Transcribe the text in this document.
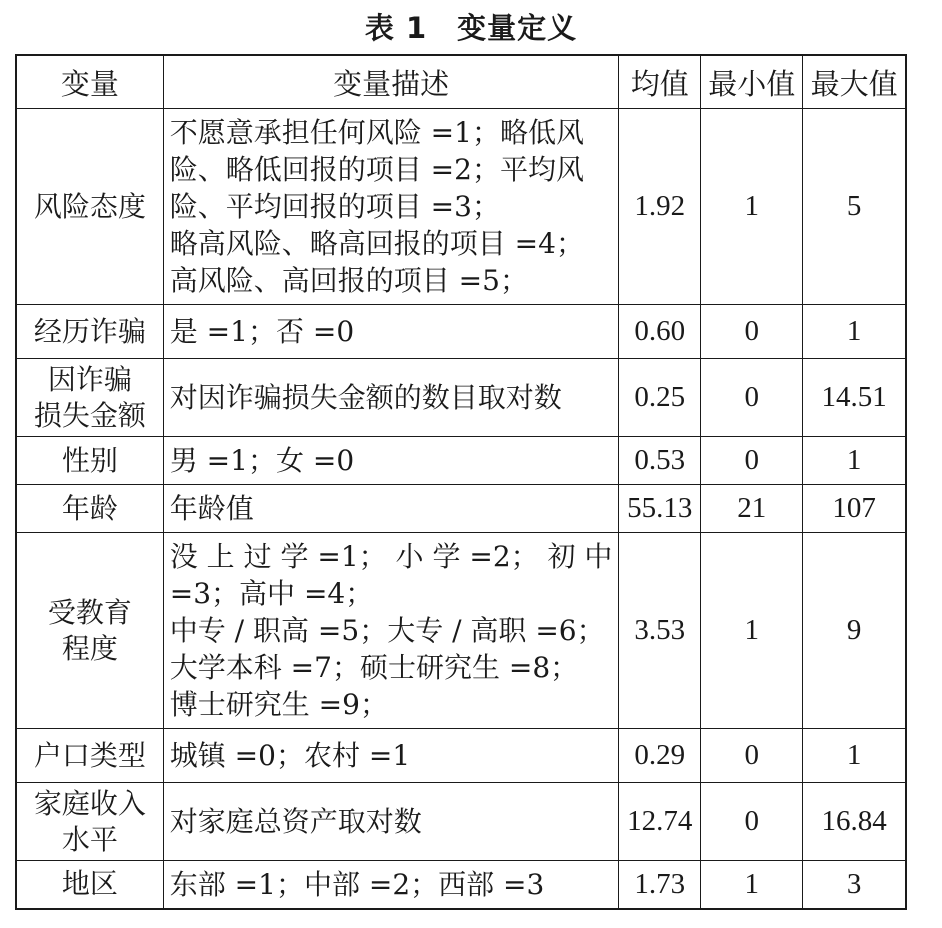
表 1 变量定义
变量	变量描述	均值	最小值	最大值

风险态度	不愿意承担任何风险 =1；略低风
险、略低回报的项目 =2；平均风
险、平均回报的项目 =3；
略高风险、略高回报的项目 =4；
高风险、高回报的项目 =5；	1.92	1	5

经历诈骗	是 =1；否 =0	0.60	0	1

因诈骗
损失金额	对因诈骗损失金额的数目取对数	0.25	0	14.51

性别	男 =1；女 =0	0.53	0	1

年龄	年龄值	55.13	21	107

受教育
程度	没 上 过 学 =1； 小 学 =2； 初 中
=3；高中 =4；
中专 / 职高 =5；大专 / 高职 =6；
大学本科 =7；硕士研究生 =8；
博士研究生 =9；	3.53	1	9

户口类型	城镇 =0；农村 =1	0.29	0	1

家庭收入
水平	对家庭总资产取对数	12.74	0	16.84

地区	东部 =1；中部 =2；西部 =3	1.73	1	3
